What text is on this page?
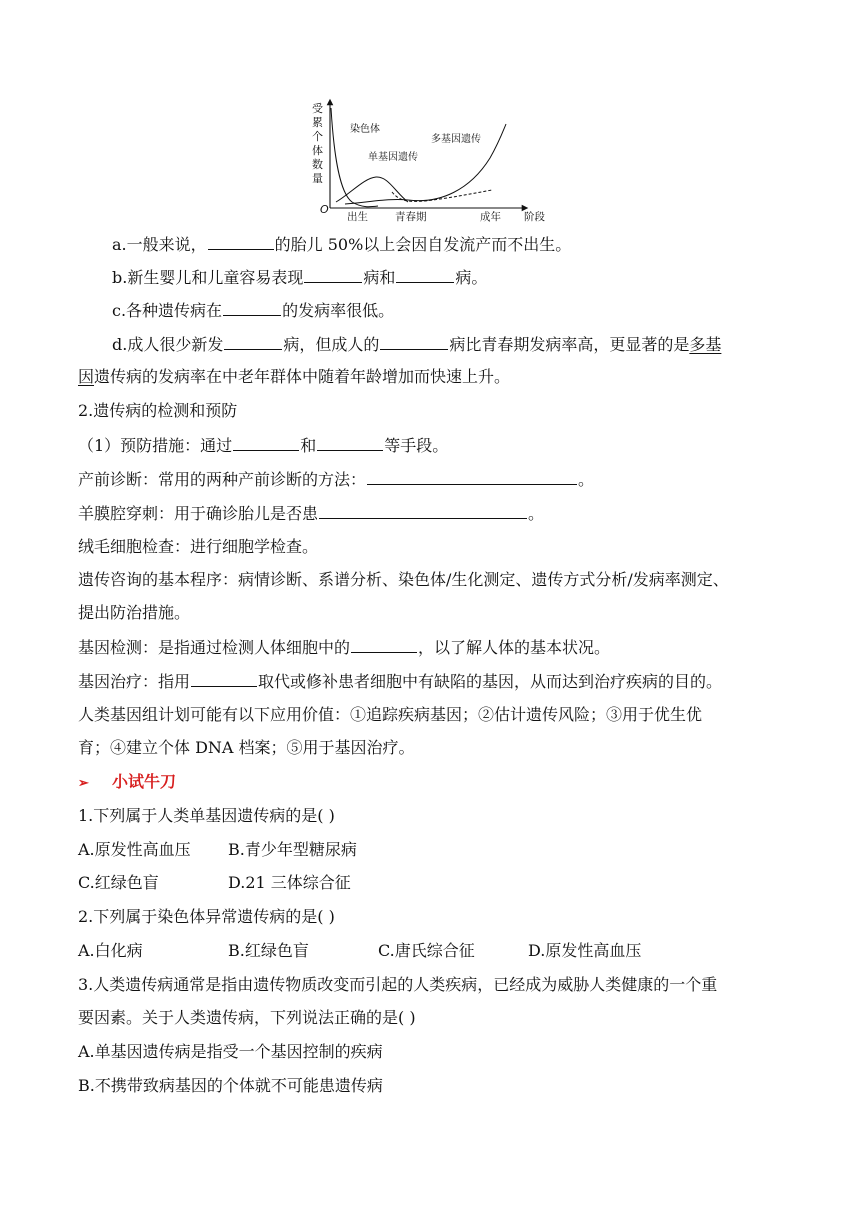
受
累
个
体
数
量
O
染色体
单基因遗传
多基因遗传
出生	青春期	成年 阶段
a.一般来说，	的胎儿 50%以上会因自发流产而不出生。
b.新生婴儿和儿童容易表现	病和	病。
c.各种遗传病在	的发病率很低。
d.成人很少新发	病，但成人的	病比青春期发病率高，更显著的是多基
因遗传病的发病率在中老年群体中随着年龄增加而快速上升。
2.遗传病的检测和预防
（1）预防措施：通过	和	等手段。
产前诊断：常用的两种产前诊断的方法：	。
羊膜腔穿刺：用于确诊胎儿是否患	。
绒毛细胞检查：进行细胞学检查。
遗传咨询的基本程序：病情诊断、系谱分析、染色体/生化测定、遗传方式分析/发病率测定、
提出防治措施。
基因检测：是指通过检测人体细胞中的	，以了解人体的基本状况。
基因治疗：指用	取代或修补患者细胞中有缺陷的基因，从而达到治疗疾病的目的。
人类基因组计划可能有以下应用价值：①追踪疾病基因；②估计遗传风险；③用于优生优
育；④建立个体 DNA 档案；⑤用于基因治疗。
➢ 小试牛刀
1.下列属于人类单基因遗传病的是( )
A.原发性高血压 B.青少年型糖尿病
C.红绿色盲	D.21 三体综合征
2.下列属于染色体异常遗传病的是( )
A.白化病	B.红绿色盲	C.唐氏综合征	D.原发性高血压
3.人类遗传病通常是指由遗传物质改变而引起的人类疾病，已经成为威胁人类健康的一个重
要因素。关于人类遗传病，下列说法正确的是( )
A.单基因遗传病是指受一个基因控制的疾病
B.不携带致病基因的个体就不可能患遗传病
